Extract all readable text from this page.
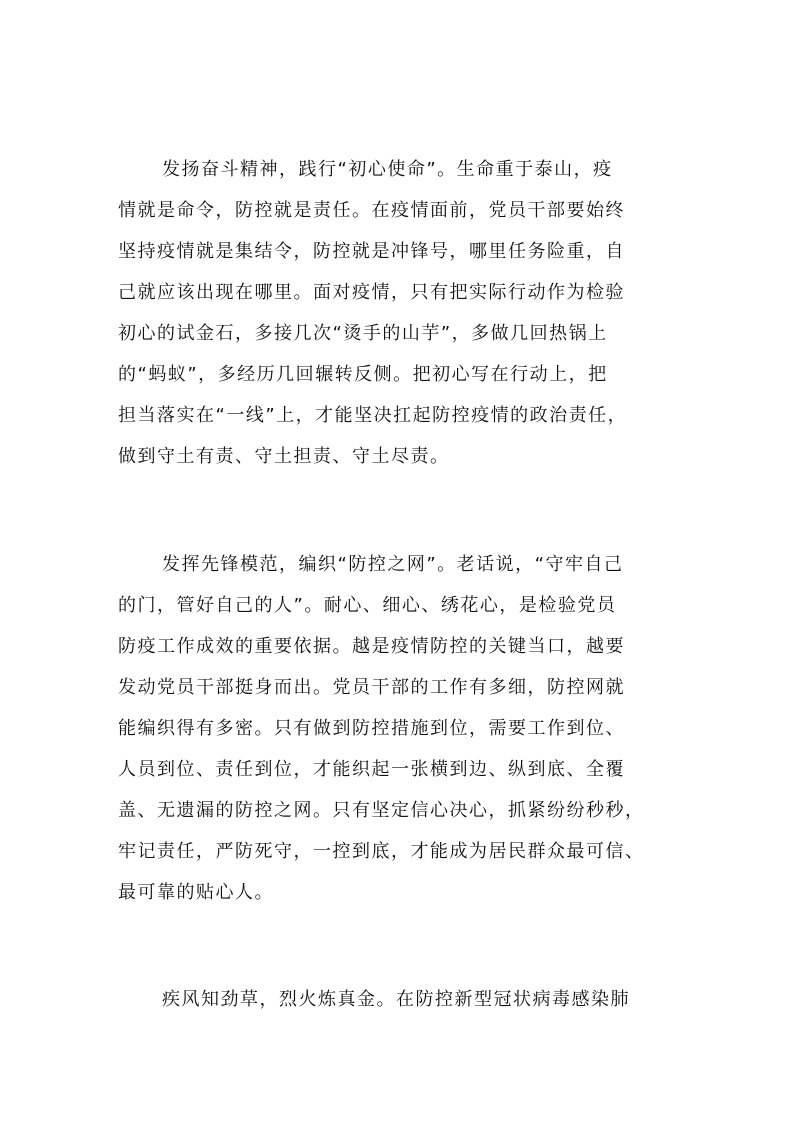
发扬奋斗精神，践行“初心使命”。生命重于泰山，疫
情就是命令，防控就是责任。在疫情面前，党员干部要始终
坚持疫情就是集结令，防控就是冲锋号，哪里任务险重，自
己就应该出现在哪里。面对疫情，只有把实际行动作为检验
初心的试金石，多接几次“烫手的山芋”，多做几回热锅上
的“蚂蚁”，多经历几回辗转反侧。把初心写在行动上，把
担当落实在“一线”上，才能坚决扛起防控疫情的政治责任，
做到守土有责、守土担责、守土尽责。
发挥先锋模范，编织“防控之网”。老话说，“守牢自己
的门，管好自己的人”。耐心、细心、绣花心，是检验党员
防疫工作成效的重要依据。越是疫情防控的关键当口，越要
发动党员干部挺身而出。党员干部的工作有多细，防控网就
能编织得有多密。只有做到防控措施到位，需要工作到位、
人员到位、责任到位，才能织起一张横到边、纵到底、全覆
盖、无遗漏的防控之网。只有坚定信心决心，抓紧纷纷秒秒，
牢记责任，严防死守，一控到底，才能成为居民群众最可信、
最可靠的贴心人。
疾风知劲草，烈火炼真金。在防控新型冠状病毒感染肺
